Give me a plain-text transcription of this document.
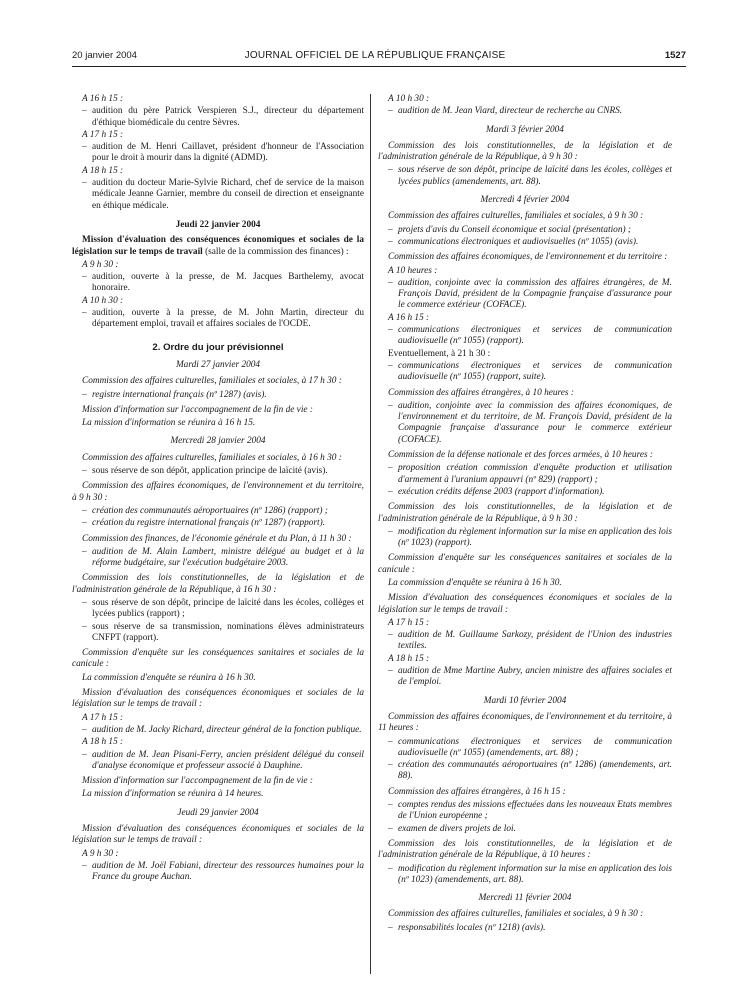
20 janvier 2004	JOURNAL OFFICIEL DE LA RÉPUBLIQUE FRANÇAISE	1527
A 16 h 15 :
– audition du père Patrick Verspieren S.J., directeur du département d'éthique biomédicale du centre Sèvres.
A 17 h 15 :
– audition de M. Henri Caillavet, président d'honneur de l'Association pour le droit à mourir dans la dignité (ADMD).
A 18 h 15 :
– audition du docteur Marie-Sylvie Richard, chef de service de la maison médicale Jeanne Garnier, membre du conseil de direction et enseignante en éthique médicale.
Jeudi 22 janvier 2004

Mission d'évaluation des conséquences économiques et sociales de la législation sur le temps de travail (salle de la commission des finances) :

A 9 h 30 :
– audition, ouverte à la presse, de M. Jacques Barthelemy, avocat honoraire.
A 10 h 30 :
– audition, ouverte à la presse, de M. John Martin, directeur du département emploi, travail et affaires sociales de l'OCDE.
2. Ordre du jour prévisionnel
Mardi 27 janvier 2004

Commission des affaires culturelles, familiales et sociales, à 17 h 30 :

– registre international français (nº 1287) (avis).

Mission d'information sur l'accompagnement de la fin de vie :

La mission d'information se réunira à 16 h 15.
Mercredi 28 janvier 2004

Commission des affaires culturelles, familiales et sociales, à 16 h 30 :

– sous réserve de son dépôt, application principe de laïcité (avis).

Commission des affaires économiques, de l'environnement et du territoire, à 9 h 30 :

– création des communautés aéroportuaires (nº 1286) (rapport) ;
– création du registre international français (nº 1287) (rapport).

Commission des finances, de l'économie générale et du Plan, à 11 h 30 :

– audition de M. Alain Lambert, ministre délégué au budget et à la réforme budgétaire, sur l'exécution budgétaire 2003.

Commission des lois constitutionnelles, de la législation et de l'administration générale de la République, à 16 h 30 :

– sous réserve de son dépôt, principe de laïcité dans les écoles, collèges et lycées publics (rapport) ;
– sous réserve de sa transmission, nominations élèves administrateurs CNFPT (rapport).

Commission d'enquête sur les conséquences sanitaires et sociales de la canicule :

La commission d'enquête se réunira à 16 h 30.

Mission d'évaluation des conséquences économiques et sociales de la législation sur le temps de travail :

A 17 h 15 :
– audition de M. Jacky Richard, directeur général de la fonction publique.
A 18 h 15 :
– audition de M. Jean Pisani-Ferry, ancien président délégué du conseil d'analyse économique et professeur associé à Dauphine.

Mission d'information sur l'accompagnement de la fin de vie :

La mission d'information se réunira à 14 heures.
Jeudi 29 janvier 2004

Mission d'évaluation des conséquences économiques et sociales de la législation sur le temps de travail :

A 9 h 30 :
– audition de M. Joël Fabiani, directeur des ressources humaines pour la France du groupe Auchan.
A 10 h 30 :
– audition de M. Jean Viard, directeur de recherche au CNRS.
Mardi 3 février 2004

Commission des lois constitutionnelles, de la législation et de l'administration générale de la République, à 9 h 30 :

– sous réserve de son dépôt, principe de laïcité dans les écoles, collèges et lycées publics (amendements, art. 88).
Mercredi 4 février 2004

Commission des affaires culturelles, familiales et sociales, à 9 h 30 :

– projets d'avis du Conseil économique et social (présentation) ;
– communications électroniques et audiovisuelles (nº 1055) (avis).

Commission des affaires économiques, de l'environnement et du territoire :

A 10 heures :
– audition, conjointe avec la commission des affaires étrangères, de M. François David, président de la Compagnie française d'assurance pour le commerce extérieur (COFACE).
A 16 h 15 :
– communications électroniques et services de communication audiovisuelle (nº 1055) (rapport).
Eventuellement, à 21 h 30 :
– communications électroniques et services de communication audiovisuelle (nº 1055) (rapport, suite).

Commission des affaires étrangères, à 10 heures :

– audition, conjointe avec la commission des affaires économiques, de l'environnement et du territoire, de M. François David, président de la Compagnie française d'assurance pour le commerce extérieur (COFACE).

Commission de la défense nationale et des forces armées, à 10 heures :

– proposition création commission d'enquête production et utilisation d'armement à l'uranium appauvri (nº 829) (rapport) ;
– exécution crédits défense 2003 (rapport d'information).

Commission des lois constitutionnelles, de la législation et de l'administration générale de la République, à 9 h 30 :

– modification du règlement information sur la mise en application des lois (nº 1023) (rapport).

Commission d'enquête sur les conséquences sanitaires et sociales de la canicule :

La commission d'enquête se réunira à 16 h 30.

Mission d'évaluation des conséquences économiques et sociales de la législation sur le temps de travail :

A 17 h 15 :
– audition de M. Guillaume Sarkozy, président de l'Union des industries textiles.
A 18 h 15 :
– audition de Mme Martine Aubry, ancien ministre des affaires sociales et de l'emploi.
Mardi 10 février 2004

Commission des affaires économiques, de l'environnement et du territoire, à 11 heures :

– communications électroniques et services de communication audiovisuelle (nº 1055) (amendements, art. 88) ;
– création des communautés aéroportuaires (nº 1286) (amendements, art. 88).

Commission des affaires étrangères, à 16 h 15 :

– comptes rendus des missions effectuées dans les nouveaux Etats membres de l'Union européenne ;
– examen de divers projets de loi.

Commission des lois constitutionnelles, de la législation et de l'administration générale de la République, à 10 heures :

– modification du règlement information sur la mise en application des lois (nº 1023) (amendements, art. 88).
Mercredi 11 février 2004

Commission des affaires culturelles, familiales et sociales, à 9 h 30 :

– responsabilités locales (nº 1218) (avis).
